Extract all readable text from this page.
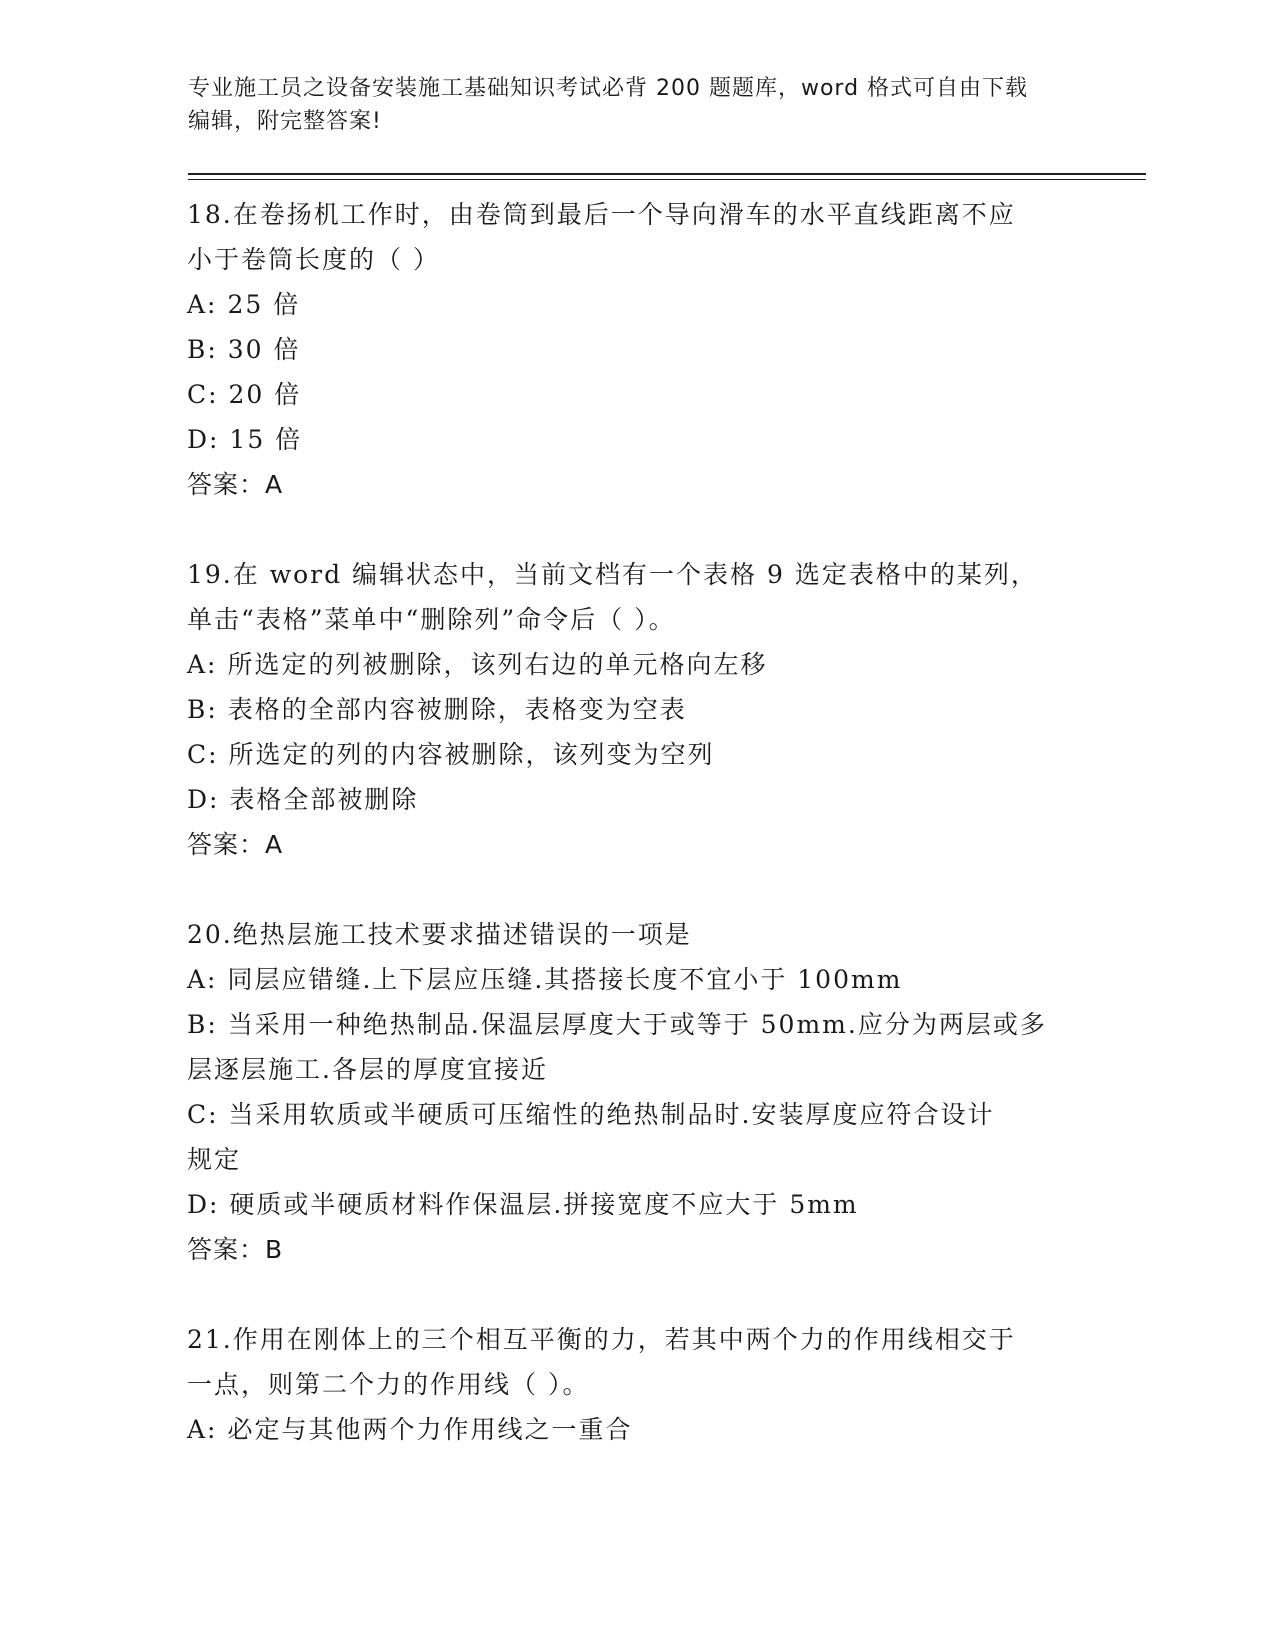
专业施工员之设备安装施工基础知识考试必背 200 题题库，word 格式可自由下载
编辑，附完整答案!
18.在卷扬机工作时，由卷筒到最后一个导向滑车的水平直线距离不应
小于卷筒长度的（ ）
A: 25 倍
B: 30 倍
C: 20 倍
D: 15 倍
答案：A
19.在 word 编辑状态中，当前文档有一个表格 9 选定表格中的某列，
单击“表格”菜单中“删除列”命令后（ ）。
A: 所选定的列被删除，该列右边的单元格向左移
B: 表格的全部内容被删除，表格变为空表
C: 所选定的列的内容被删除，该列变为空列
D: 表格全部被删除
答案：A
20.绝热层施工技术要求描述错误的一项是
A: 同层应错缝.上下层应压缝.其搭接长度不宜小于 100mm
B: 当采用一种绝热制品.保温层厚度大于或等于 50mm.应分为两层或多
层逐层施工.各层的厚度宜接近
C: 当采用软质或半硬质可压缩性的绝热制品时.安装厚度应符合设计
规定
D: 硬质或半硬质材料作保温层.拼接宽度不应大于 5mm
答案：B
21.作用在刚体上的三个相互平衡的力，若其中两个力的作用线相交于
一点，则第二个力的作用线（ ）。
A: 必定与其他两个力作用线之一重合
